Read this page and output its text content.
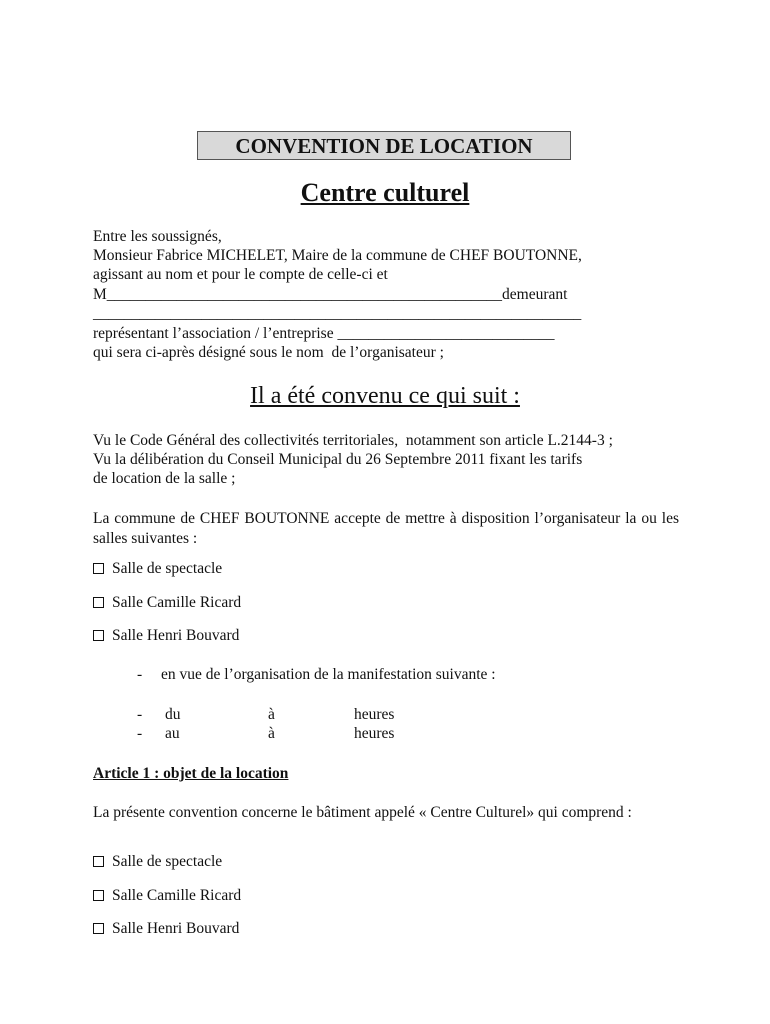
CONVENTION DE LOCATION
Centre culturel
Entre les soussignés,
Monsieur Fabrice MICHELET, Maire de la commune de CHEF BOUTONNE,
agissant au nom et pour le compte de celle-ci et
M___________________________________________________demeurant
_______________________________________________________________
représentant l’association / l’entreprise ____________________________
qui sera ci-après désigné sous le nom  de l’organisateur ;
Il a été convenu ce qui suit :
Vu le Code Général des collectivités territoriales,  notamment son article L.2144-3 ;
Vu la délibération du Conseil Municipal du 26 Septembre 2011 fixant les tarifs
de location de la salle ;
La commune de CHEF BOUTONNE accepte de mettre à disposition l’organisateur la ou les salles suivantes :
Salle de spectacle
Salle Camille Ricard
Salle Henri Bouvard
- en vue de l’organisation de la manifestation suivante :
- du	à	heures
- au	à	heures
Article 1 : objet de la location
La présente convention concerne le bâtiment appelé « Centre Culturel» qui comprend :
Salle de spectacle
Salle Camille Ricard
Salle Henri Bouvard
